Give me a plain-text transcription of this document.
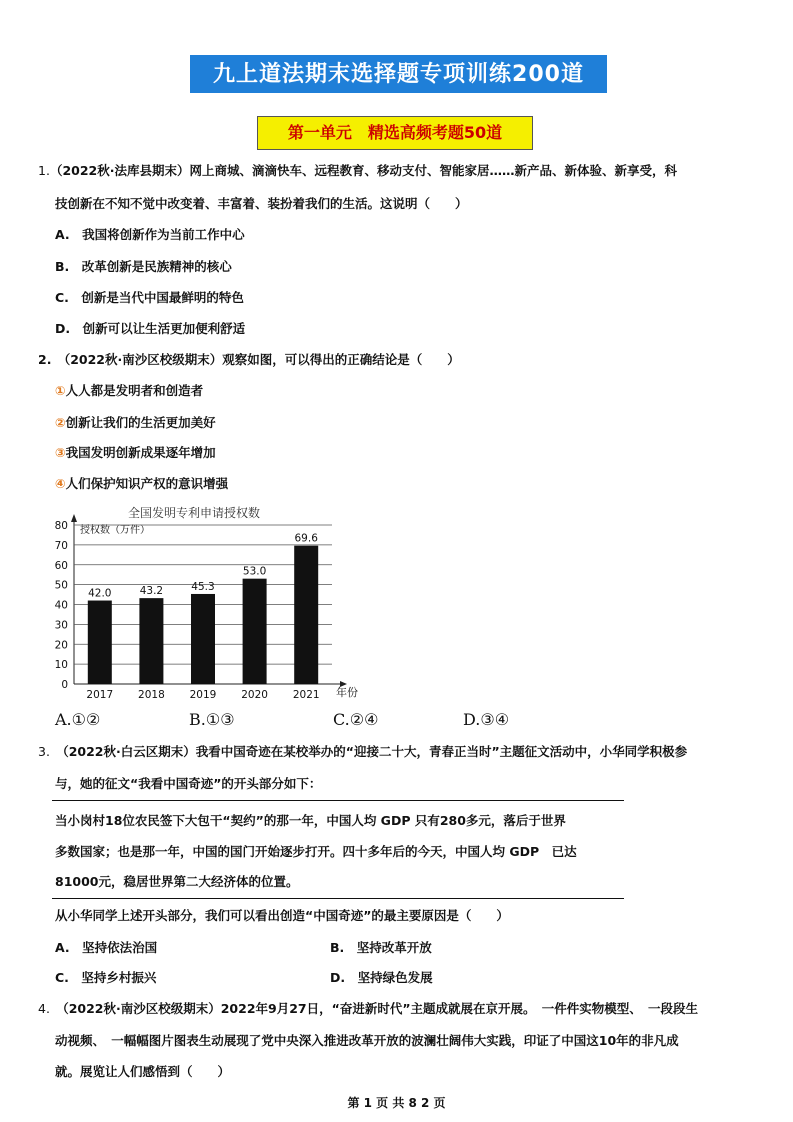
九上道法期末选择题专项训练200道
第一单元　精选高频考题50道
1.（2022秋·法库县期末）网上商城、滴滴快车、远程教育、移动支付、智能家居……新产品、新体验、新享受，科
技创新在不知不觉中改变着、丰富着、装扮着我们的生活。这说明（　　）
A.　我国将创新作为当前工作中心
B.　改革创新是民族精神的核心
C.　创新是当代中国最鲜明的特色
D.　创新可以让生活更加便利舒适
2.　（2022秋·南沙区校级期末）观察如图，可以得出的正确结论是（　　）
①人人都是发明者和创造者
②创新让我们的生活更加美好
③我国发明创新成果逐年增加
④人们保护知识产权的意识增强
全国发明专利申请授权数
授权数（万件）
42.0	43.2	45.3
53.0
69.6
0
10
20
30
40
50
60
70
80
2017 2018 2019 2020 2021 年份
A.①②	B.①③	C.②④	D.③④
3.　（2022秋·白云区期末）我看中国奇迹在某校举办的“迎接二十大，青春正当时”主题征文活动中，小华同学积极参
与，她的征文“我看中国奇迹”的开头部分如下：
当小岗村18位农民签下大包干“契约”的那一年，中国人均 GDP 只有280多元，落后于世界
多数国家；也是那一年，中国的国门开始逐步打开。四十多年后的今天，中国人均 GDP　已达
81000元，稳居世界第二大经济体的位置。
从小华同学上述开头部分，我们可以看出创造“中国奇迹”的最主要原因是（　　）
A.　坚持依法治国	B.　坚持改革开放
C.　坚持乡村振兴	D.　坚持绿色发展
4.　（2022秋·南沙区校级期末）2022年9月27日，“奋进新时代”主题成就展在京开展。　一件件实物模型、　一段段生
动视频、　一幅幅图片图表生动展现了党中央深入推进改革开放的波澜壮阔伟大实践，印证了中国这10年的非凡成
就。展览让人们感悟到（　　）
第 1 页 共 8 2 页
